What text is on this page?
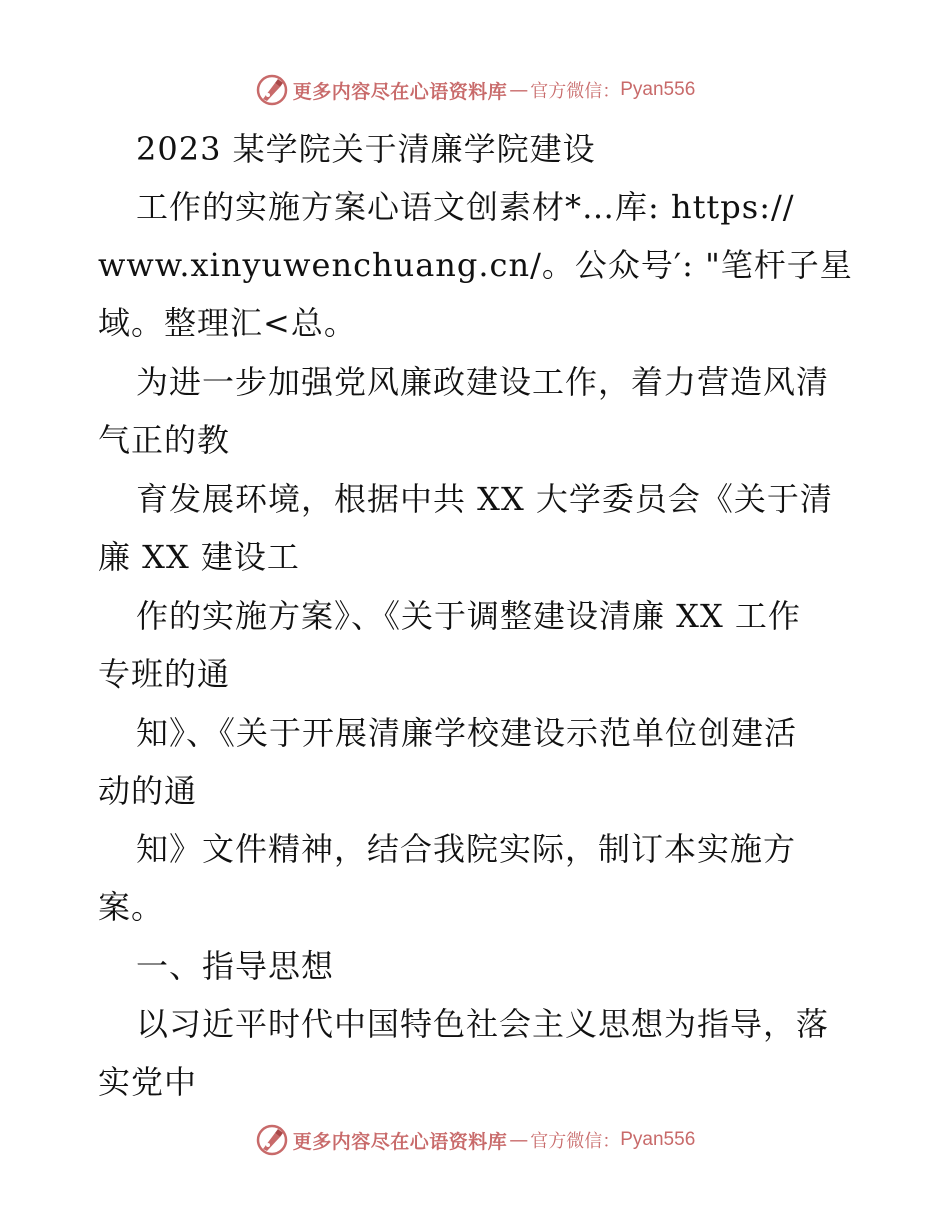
更多内容尽在心语资料库 — 官方微信： Pyan556
2023 某学院关于清廉学院建设
工作的实施方案心语文创素材*…库: https://
www.xinyuwenchuang.cn/。公众号′: "笔杆子星
域。整理汇<总。
为进一步加强党风廉政建设工作，着力营造风清
气正的教
育发展环境，根据中共 XX 大学委员会《关于清
廉 XX 建设工
作的实施方案》、《关于调整建设清廉 XX 工作
专班的通
知》、《关于开展清廉学校建设示范单位创建活
动的通
知》文件精神，结合我院实际，制订本实施方
案。
一、指导思想
以习近平时代中国特色社会主义思想为指导，落
实党中
更多内容尽在心语资料库 — 官方微信： Pyan556
